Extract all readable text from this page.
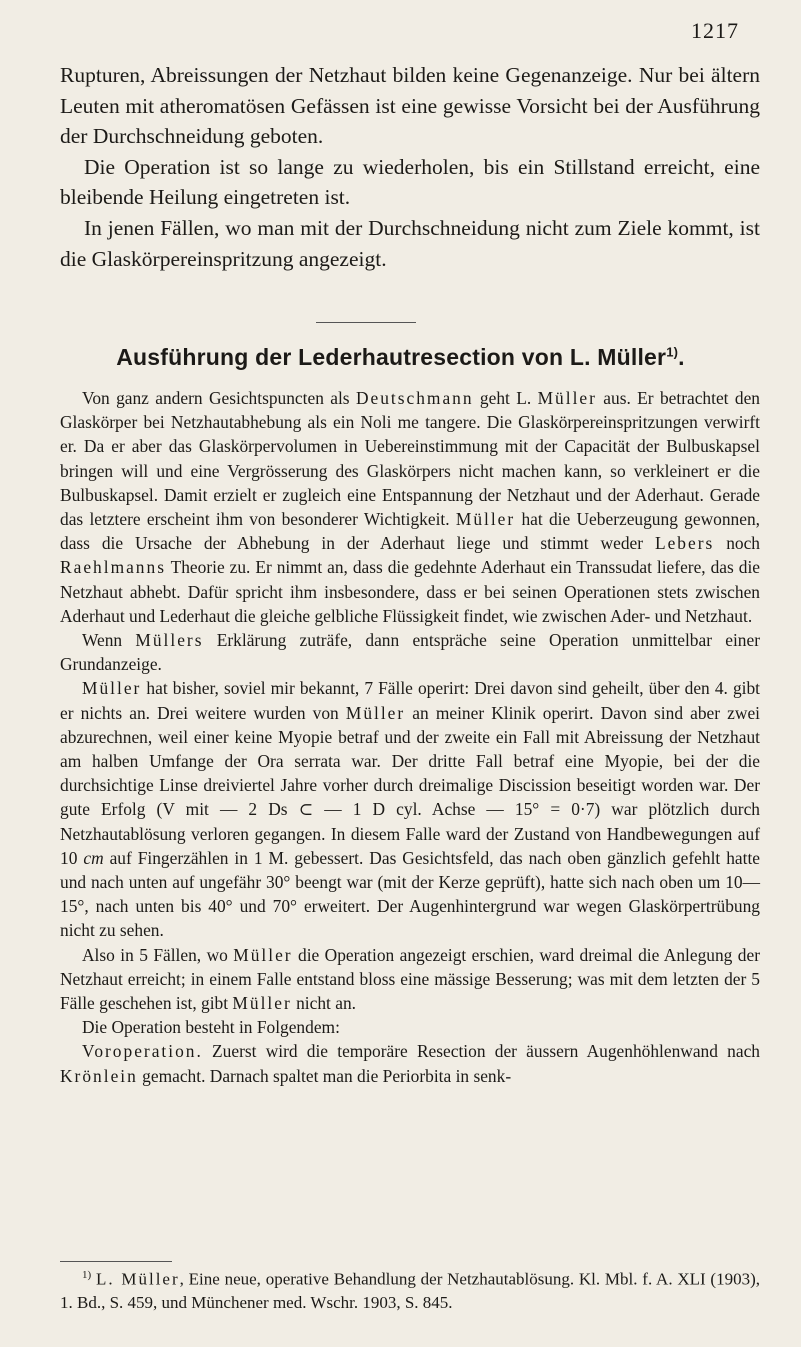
1217

Rupturen, Abreissungen der Netzhaut bilden keine Gegenanzeige. Nur bei ältern Leuten mit atheromatösen Gefässen ist eine gewisse Vorsicht bei der Ausführung der Durchschneidung geboten.

Die Operation ist so lange zu wiederholen, bis ein Stillstand erreicht, eine bleibende Heilung eingetreten ist.

In jenen Fällen, wo man mit der Durchschneidung nicht zum Ziele kommt, ist die Glaskörpereinspritzung angezeigt.

Ausführung der Lederhautresection von L. Müller$^{1)}$.

Von ganz andern Gesichtspuncten als Deutschmann geht L. Müller aus. Er betrachtet den Glaskörper bei Netzhautabhebung als ein Noli me tangere. Die Glaskörpereinspritzungen verwirft er. Da er aber das Glaskörpervolumen in Uebereinstimmung mit der Capacität der Bulbuskapsel bringen will und eine Vergrösserung des Glaskörpers nicht machen kann, so verkleinert er die Bulbuskapsel. Damit erzielt er zugleich eine Entspannung der Netzhaut und der Aderhaut. Gerade das letztere erscheint ihm von besonderer Wichtigkeit. Müller hat die Ueberzeugung gewonnen, dass die Ursache der Abhebung in der Aderhaut liege und stimmt weder Lebers noch Raehlmanns Theorie zu. Er nimmt an, dass die gedehnte Aderhaut ein Transsudat liefere, das die Netzhaut abhebt. Dafür spricht ihm insbesondere, dass er bei seinen Operationen stets zwischen Aderhaut und Lederhaut die gleiche gelbliche Flüssigkeit findet, wie zwischen Ader- und Netzhaut.

Wenn Müllers Erklärung zuträfe, dann entspräche seine Operation unmittelbar einer Grundanzeige.

Müller hat bisher, soviel mir bekannt, 7 Fälle operirt: Drei davon sind geheilt, über den 4. gibt er nichts an. Drei weitere wurden von Müller an meiner Klinik operirt. Davon sind aber zwei abzurechnen, weil einer keine Myopie betraf und der zweite ein Fall mit Abreissung der Netzhaut am halben Umfange der Ora serrata war. Der dritte Fall betraf eine Myopie, bei der die durchsichtige Linse dreiviertel Jahre vorher durch dreimalige Discission beseitigt worden war. Der gute Erfolg (V mit — 2 Ds ⊂ — 1 D cyl. Achse — 15° = 0·7) war plötzlich durch Netzhautablösung verloren gegangen. In diesem Falle ward der Zustand von Handbewegungen auf 10 cm auf Fingerzählen in 1 M. gebessert. Das Gesichtsfeld, das nach oben gänzlich gefehlt hatte und nach unten auf ungefähr 30° beengt war (mit der Kerze geprüft), hatte sich nach oben um 10—15°, nach unten bis 40° und 70° erweitert. Der Augenhintergrund war wegen Glaskörpertrübung nicht zu sehen.

Also in 5 Fällen, wo Müller die Operation angezeigt erschien, ward dreimal die Anlegung der Netzhaut erreicht; in einem Falle entstand bloss eine mässige Besserung; was mit dem letzten der 5 Fälle geschehen ist, gibt Müller nicht an.

Die Operation besteht in Folgendem:

Voroperation. Zuerst wird die temporäre Resection der äussern Augenhöhlenwand nach Krönlein gemacht. Darnach spaltet man die Periorbita in senk-

$^{1)}$ L. Müller, Eine neue, operative Behandlung der Netzhautablösung. Kl. Mbl. f. A. XLI (1903), 1. Bd., S. 459, und Münchener med. Wschr. 1903, S. 845.
